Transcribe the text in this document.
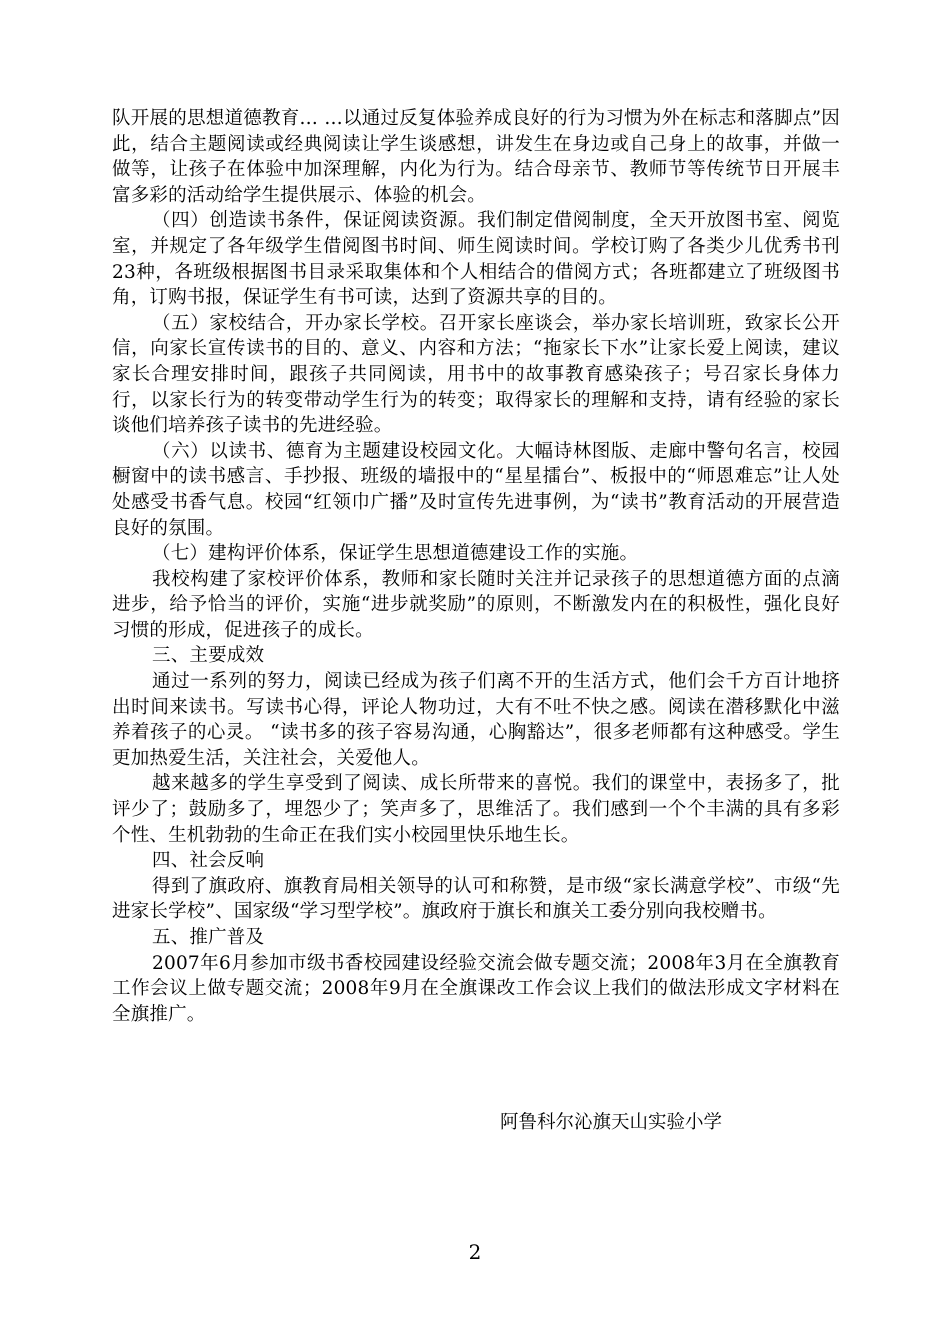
队开展的思想道德教育… …以通过反复体验养成良好的行为习惯为外在标志和落脚点”因此，结合主题阅读或经典阅读让学生谈感想，讲发生在身边或自己身上的故事，并做一做等，让孩子在体验中加深理解，内化为行为。结合母亲节、教师节等传统节日开展丰富多彩的活动给学生提供展示、体验的机会。

（四）创造读书条件，保证阅读资源。我们制定借阅制度，全天开放图书室、阅览室，并规定了各年级学生借阅图书时间、师生阅读时间。学校订购了各类少儿优秀书刊23种，各班级根据图书目录采取集体和个人相结合的借阅方式；各班都建立了班级图书角，订购书报，保证学生有书可读，达到了资源共享的目的。

（五）家校结合，开办家长学校。召开家长座谈会，举办家长培训班，致家长公开信，向家长宣传读书的目的、意义、内容和方法；“拖家长下水”让家长爱上阅读，建议家长合理安排时间，跟孩子共同阅读，用书中的故事教育感染孩子；号召家长身体力行，以家长行为的转变带动学生行为的转变；取得家长的理解和支持，请有经验的家长谈他们培养孩子读书的先进经验。

（六）以读书、德育为主题建设校园文化。大幅诗林图版、走廊中警句名言，校园橱窗中的读书感言、手抄报、班级的墙报中的“星星擂台”、板报中的“师恩难忘”让人处处感受书香气息。校园“红领巾广播”及时宣传先进事例，为“读书”教育活动的开展营造良好的氛围。

（七）建构评价体系，保证学生思想道德建设工作的实施。

我校构建了家校评价体系，教师和家长随时关注并记录孩子的思想道德方面的点滴进步，给予恰当的评价，实施“进步就奖励”的原则，不断激发内在的积极性，强化良好习惯的形成，促进孩子的成长。

三、主要成效

通过一系列的努力，阅读已经成为孩子们离不开的生活方式，他们会千方百计地挤出时间来读书。写读书心得，评论人物功过，大有不吐不快之感。阅读在潜移默化中滋养着孩子的心灵。 “读书多的孩子容易沟通，心胸豁达”，很多老师都有这种感受。学生更加热爱生活，关注社会，关爱他人。

越来越多的学生享受到了阅读、成长所带来的喜悦。我们的课堂中，表扬多了，批评少了；鼓励多了，埋怨少了；笑声多了，思维活了。我们感到一个个丰满的具有多彩个性、生机勃勃的生命正在我们实小校园里快乐地生长。

四、社会反响

得到了旗政府、旗教育局相关领导的认可和称赞，是市级“家长满意学校”、市级“先进家长学校”、国家级“学习型学校”。旗政府于旗长和旗关工委分别向我校赠书。

五、推广普及

2007年6月参加市级书香校园建设经验交流会做专题交流；2008年3月在全旗教育工作会议上做专题交流；2008年9月在全旗课改工作会议上我们的做法形成文字材料在全旗推广。

阿鲁科尔沁旗天山实验小学
2
